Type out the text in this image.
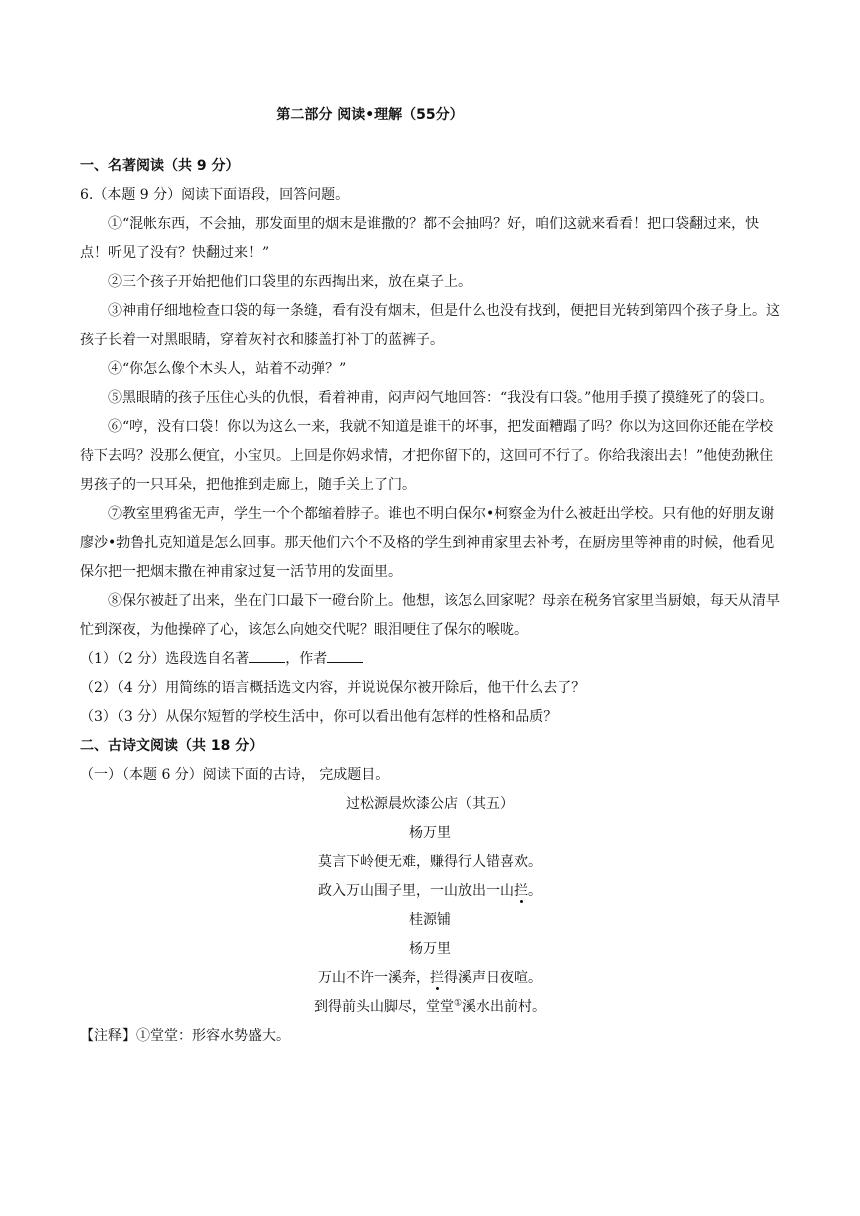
第二部分 阅读•理解（55分）

一、名著阅读（共 9 分）

6.（本题 9 分）阅读下面语段，回答问题。

①“混帐东西，不会抽，那发面里的烟末是谁撒的？都不会抽吗？好，咱们这就来看看！把口袋翻过来，快点！听见了没有？快翻过来！”

②三个孩子开始把他们口袋里的东西掏出来，放在桌子上。

③神甫仔细地检查口袋的每一条缝，看有没有烟末，但是什么也没有找到，便把目光转到第四个孩子身上。这孩子长着一对黑眼睛，穿着灰衬衣和膝盖打补丁的蓝裤子。

④“你怎么像个木头人，站着不动弹？”

⑤黑眼睛的孩子压住心头的仇恨，看着神甫，闷声闷气地回答：“我没有口袋。”他用手摸了摸缝死了的袋口。

⑥“哼，没有口袋！你以为这么一来，我就不知道是谁干的坏事，把发面糟蹋了吗？你以为这回你还能在学校待下去吗？没那么便宜，小宝贝。上回是你妈求情，才把你留下的，这回可不行了。你给我滚出去！”他使劲揪住男孩子的一只耳朵，把他推到走廊上，随手关上了门。

⑦教室里鸦雀无声，学生一个个都缩着脖子。谁也不明白保尔•柯察金为什么被赶出学校。只有他的好朋友谢廖沙•勃鲁扎克知道是怎么回事。那天他们六个不及格的学生到神甫家里去补考，在厨房里等神甫的时候，他看见保尔把一把烟末撒在神甫家过复一活节用的发面里。

⑧保尔被赶了出来，坐在门口最下一磴台阶上。他想，该怎么回家呢？母亲在税务官家里当厨娘，每天从清早忙到深夜，为他操碎了心，该怎么向她交代呢？眼泪哽住了保尔的喉咙。

（1）（2 分）选段选自名著	，作者

（2）（4 分）用简练的语言概括选文内容，并说说保尔被开除后，他干什么去了？

（3）（3 分）从保尔短暂的学校生活中，你可以看出他有怎样的性格和品质？

二、古诗文阅读（共 18 分）

（一）（本题 6 分）阅读下面的古诗， 完成题目。

过松源晨炊漆公店（其五）

杨万里

莫言下岭便无难，赚得行人错喜欢。

政入万山围子里，一山放出一山拦。

桂源铺

杨万里

万山不许一溪奔，拦得溪声日夜喧。

到得前头山脚尽，堂堂①溪水出前村。

【注释】①堂堂：形容水势盛大。
